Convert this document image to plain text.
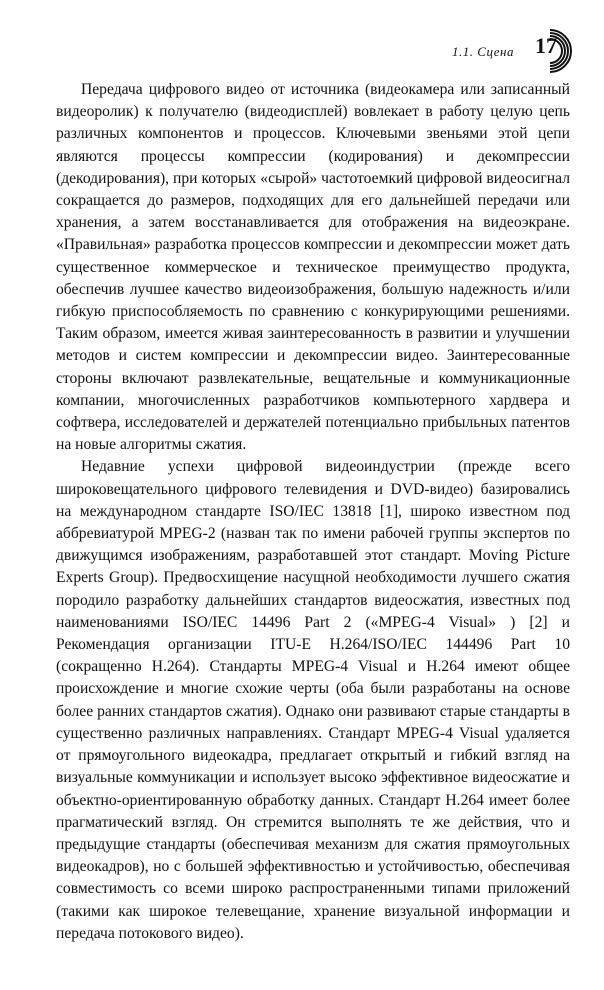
1.1. Сцена 17

Передача цифрового видео от источника (видеокамера или записанный видеоролик) к получателю (видеодисплей) вовлекает в работу целую цепь различных компонентов и процессов. Ключевыми звеньями этой цепи являются процессы компрессии (кодирования) и декомпрессии (декодирования), при которых «сырой» частотоемкий цифровой видеосигнал сокращается до размеров, подходящих для его дальнейшей передачи или хранения, а затем восстанавливается для отображения на видеоэкране. «Правильная» разработка процессов компрессии и декомпрессии может дать существенное коммерческое и техническое преимущество продукта, обеспечив лучшее качество видеоизображения, большую надежность и/или гибкую приспособляемость по сравнению с конкурирующими решениями. Таким образом, имеется живая заинтересованность в развитии и улучшении методов и систем компрессии и декомпрессии видео. Заинтересованные стороны включают развлекательные, вещательные и коммуникационные компании, многочисленных разработчиков компьютерного хардвера и софтвера, исследователей и держателей потенциально прибыльных патентов на новые алгоритмы сжатия.

Недавние успехи цифровой видеоиндустрии (прежде всего широковещательного цифрового телевидения и DVD-видео) базировались на международном стандарте ISO/IEC 13818 [1], широко известном под аббревиатурой MPEG-2 (назван так по имени рабочей группы экспертов по движущимся изображениям, разработавшей этот стандарт. Moving Picture Experts Group). Предвосхищение насущной необходимости лучшего сжатия породило разработку дальнейших стандартов видеосжатия, известных под наименованиями ISO/IEC 14496 Part 2 («MPEG-4 Visual» ) [2] и Рекомендация организации ITU-E H.264/ISO/IEC 144496 Part 10 (сокращенно H.264). Стандарты MPEG-4 Visual и H.264 имеют общее происхождение и многие схожие черты (оба были разработаны на основе более ранних стандартов сжатия). Однако они развивают старые стандарты в существенно различных направлениях. Стандарт MPEG-4 Visual удаляется от прямоугольного видеокадра, предлагает открытый и гибкий взгляд на визуальные коммуникации и использует высоко эффективное видеосжатие и объектно-ориентированную обработку данных. Стандарт H.264 имеет более прагматический взгляд. Он стремится выполнять те же действия, что и предыдущие стандарты (обеспечивая механизм для сжатия прямоугольных видеокадров), но с большей эффективностью и устойчивостью, обеспечивая совместимость со всеми широко распространенными типами приложений (такими как широкое телевещание, хранение визуальной информации и передача потокового видео).
